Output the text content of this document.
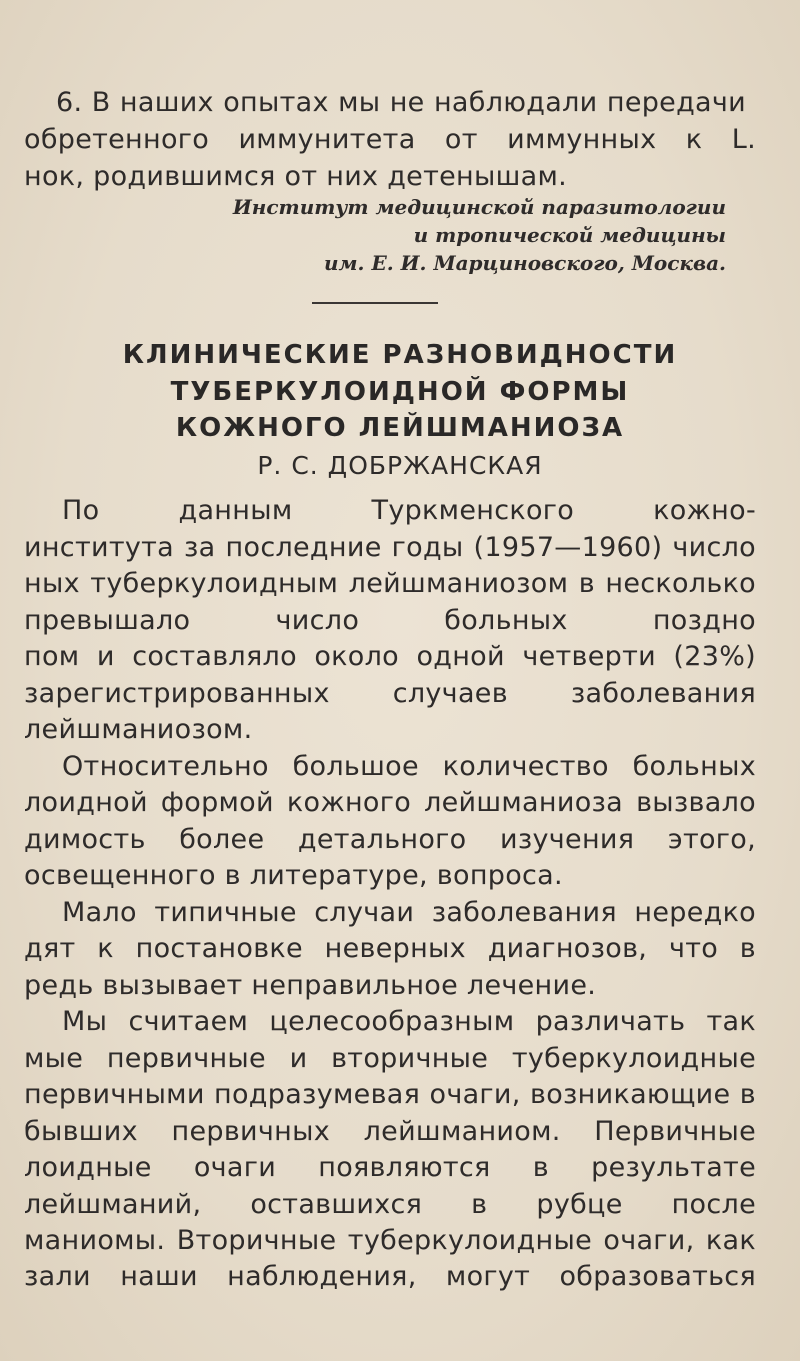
6. В наших опытах мы не наблюдали передачи
обретенного иммунитета от иммунных к L.
нок, родившимся от них детенышам.
Институт медицинской паразитологии
и тропической медицины
им. Е. И. Марциновского, Москва.
КЛИНИЧЕСКИЕ РАЗНОВИДНОСТИ
ТУБЕРКУЛОИДНОЙ ФОРМЫ
КОЖНОГО ЛЕЙШМАНИОЗА
Р. С. ДОБРЖАНСКАЯ
По данным Туркменского кожно-
института за последние годы (1957—1960) число
ных туберкулоидным лейшманиозом в несколько
превышало число больных поздно
пом и составляло около одной четверти (23%)
зарегистрированных случаев заболевания
лейшманиозом.
Относительно большое количество больных
лоидной формой кожного лейшманиоза вызвало
димость более детального изучения этого,
освещенного в литературе, вопроса.
Мало типичные случаи заболевания нередко
дят к постановке неверных диагнозов, что в
редь вызывает неправильное лечение.
Мы считаем целесообразным различать так
мые первичные и вторичные туберкулоидные
первичными подразумевая очаги, возникающие в
бывших первичных лейшманиом. Первичные
лоидные очаги появляются в результате
лейшманий, оставшихся в рубце после
маниомы. Вторичные туберкулоидные очаги, как
зали наши наблюдения, могут образоваться
